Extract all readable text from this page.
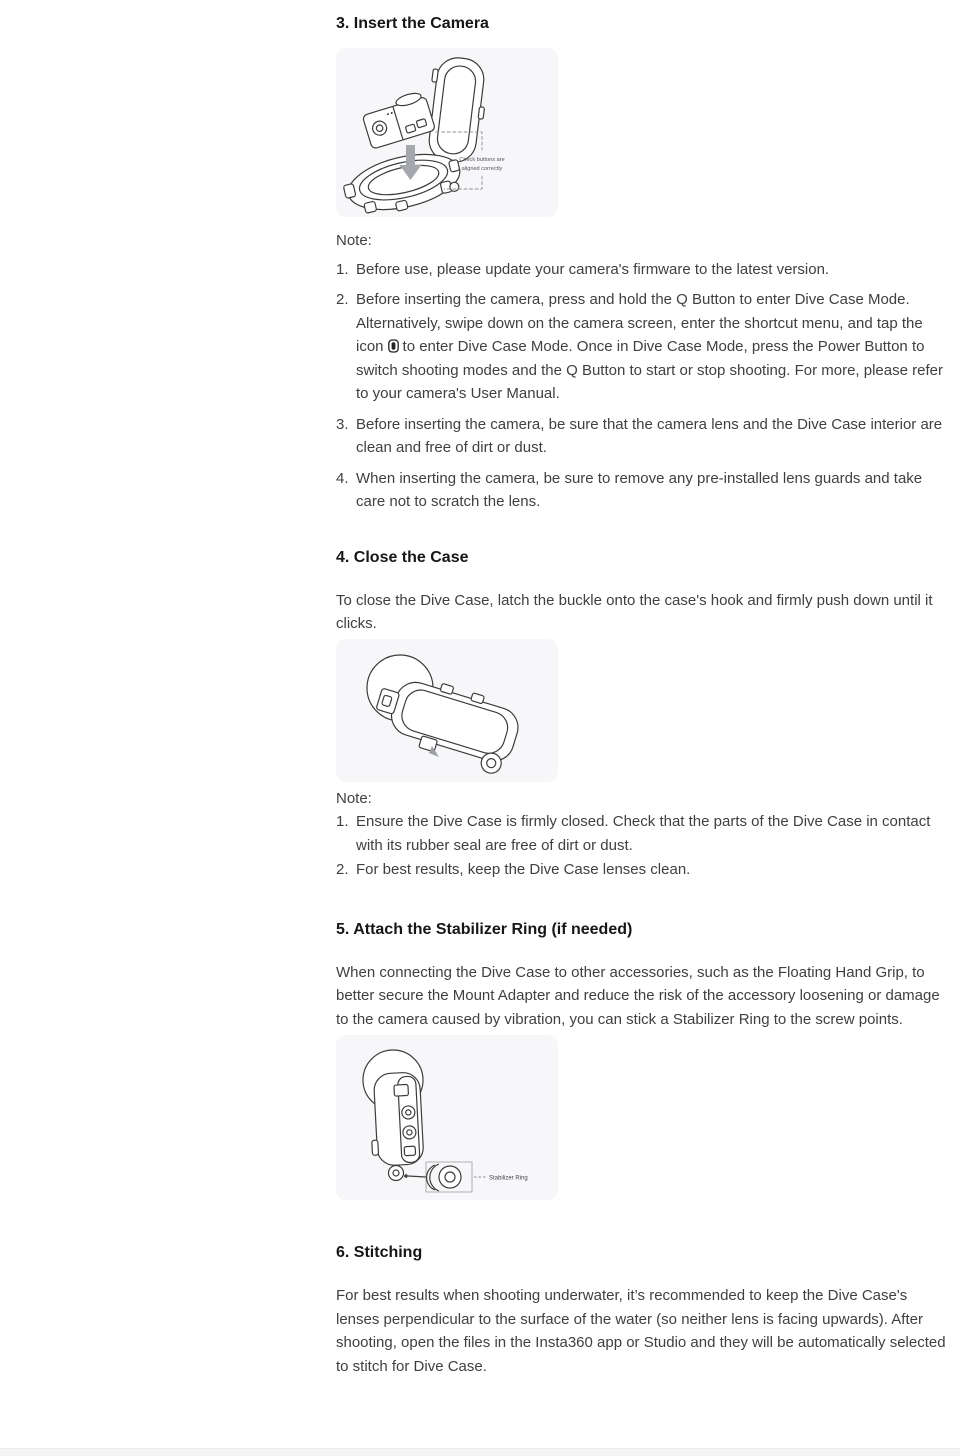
3. Insert the Camera
Check buttons are
aligned correctly
Note:
1. Before use, please update your camera's firmware to the latest version.
2. Before inserting the camera, press and hold the Q Button to enter Dive Case Mode. Alternatively, swipe down on the camera screen, enter the shortcut menu, and tap the icon to enter Dive Case Mode. Once in Dive Case Mode, press the Power Button to switch shooting modes and the Q Button to start or stop shooting. For more, please refer to your camera's User Manual.
3. Before inserting the camera, be sure that the camera lens and the Dive Case interior are clean and free of dirt or dust.
4. When inserting the camera, be sure to remove any pre-installed lens guards and take care not to scratch the lens.
4. Close the Case
To close the Dive Case, latch the buckle onto the case's hook and firmly push down until it clicks.
Note:
1. Ensure the Dive Case is firmly closed. Check that the parts of the Dive Case in contact with its rubber seal are free of dirt or dust.
2. For best results, keep the Dive Case lenses clean.
5. Attach the Stabilizer Ring (if needed)
When connecting the Dive Case to other accessories, such as the Floating Hand Grip, to better secure the Mount Adapter and reduce the risk of the accessory loosening or damage to the camera caused by vibration, you can stick a Stabilizer Ring to the screw points.
Stabilizer Ring
6. Stitching
For best results when shooting underwater, it’s recommended to keep the Dive Case's lenses perpendicular to the surface of the water (so neither lens is facing upwards). After shooting, open the files in the Insta360 app or Studio and they will be automatically selected to stitch for Dive Case.
